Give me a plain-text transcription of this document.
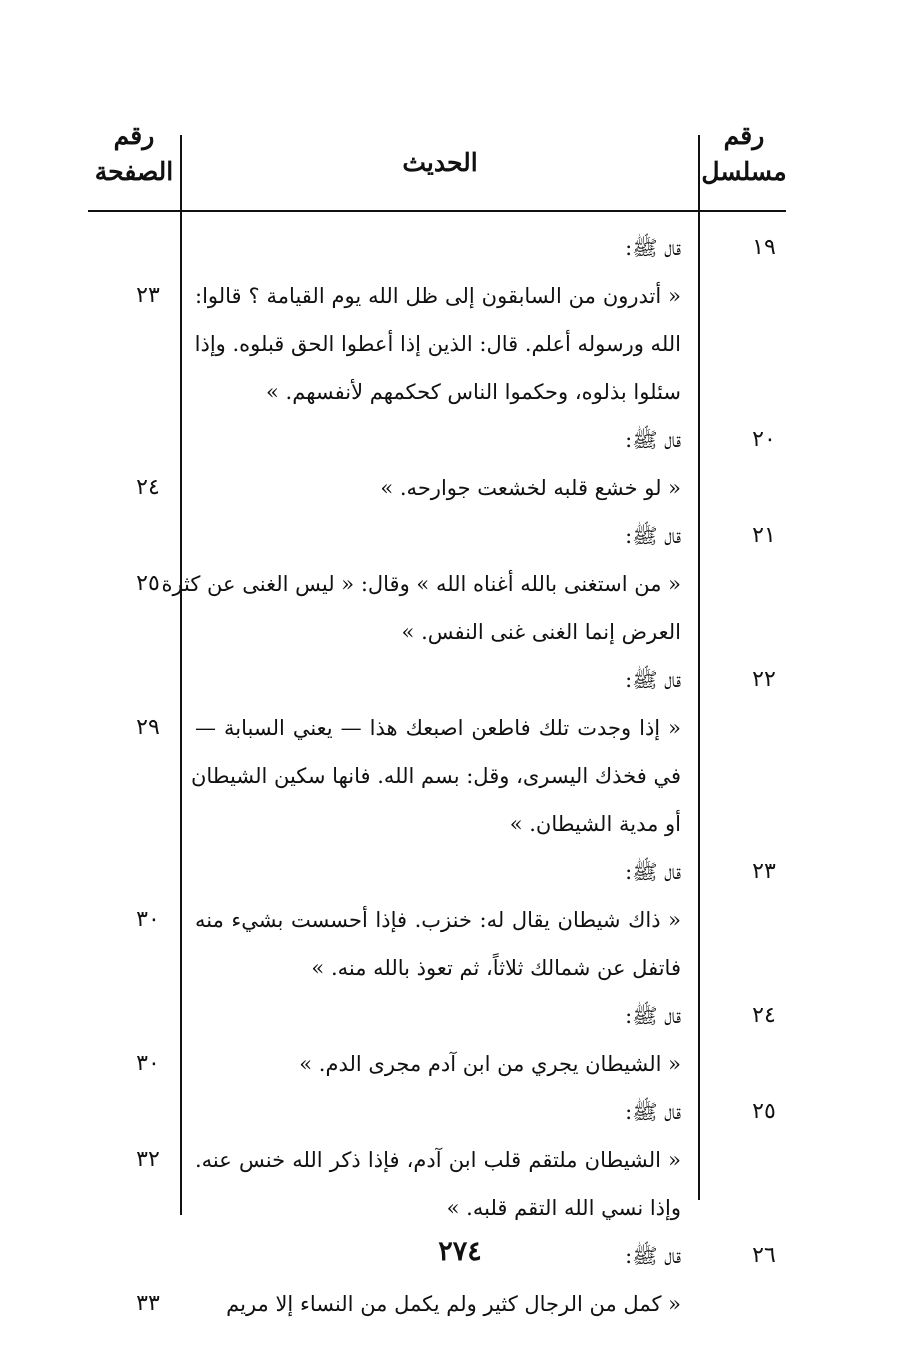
رقم
مسلسل
الحديث
رقم
الصفحة
قال ﷺ:
« أتدرون من السابقون إلى ظل الله يوم القيامة ؟ قالوا:
الله ورسوله أعلم. قال: الذين إذا أعطوا الحق قبلوه. وإذا
سئلوا بذلوه، وحكموا الناس كحكمهم لأنفسهم. »
١٩
٢٣
قال ﷺ:
« لو خشع قلبه لخشعت جوارحه. »
٢٠
٢٤
قال ﷺ:
« من استغنى بالله أغناه الله » وقال: « ليس الغنى عن كثرة
العرض إنما الغنى غنى النفس. »
٢١
٢٥
قال ﷺ:
« إذا وجدت تلك فاطعن اصبعك هذا — يعني السبابة —
في فخذك اليسرى، وقل: بسم الله. فانها سكين الشيطان
أو مدية الشيطان. »
٢٢
٢٩
قال ﷺ:
« ذاك شيطان يقال له: خنزب. فإذا أحسست بشيء منه
فاتفل عن شمالك ثلاثاً، ثم تعوذ بالله منه. »
٢٣
٣٠
قال ﷺ:
« الشيطان يجري من ابن آدم مجرى الدم. »
٢٤
٣٠
قال ﷺ:
« الشيطان ملتقم قلب ابن آدم، فإذا ذكر الله خنس عنه.
وإذا نسي الله التقم قلبه. »
٢٥
٣٢
قال ﷺ:
« كمل من الرجال كثير ولم يكمل من النساء إلا مريم
٢٦
٣٣
٢٧٤
